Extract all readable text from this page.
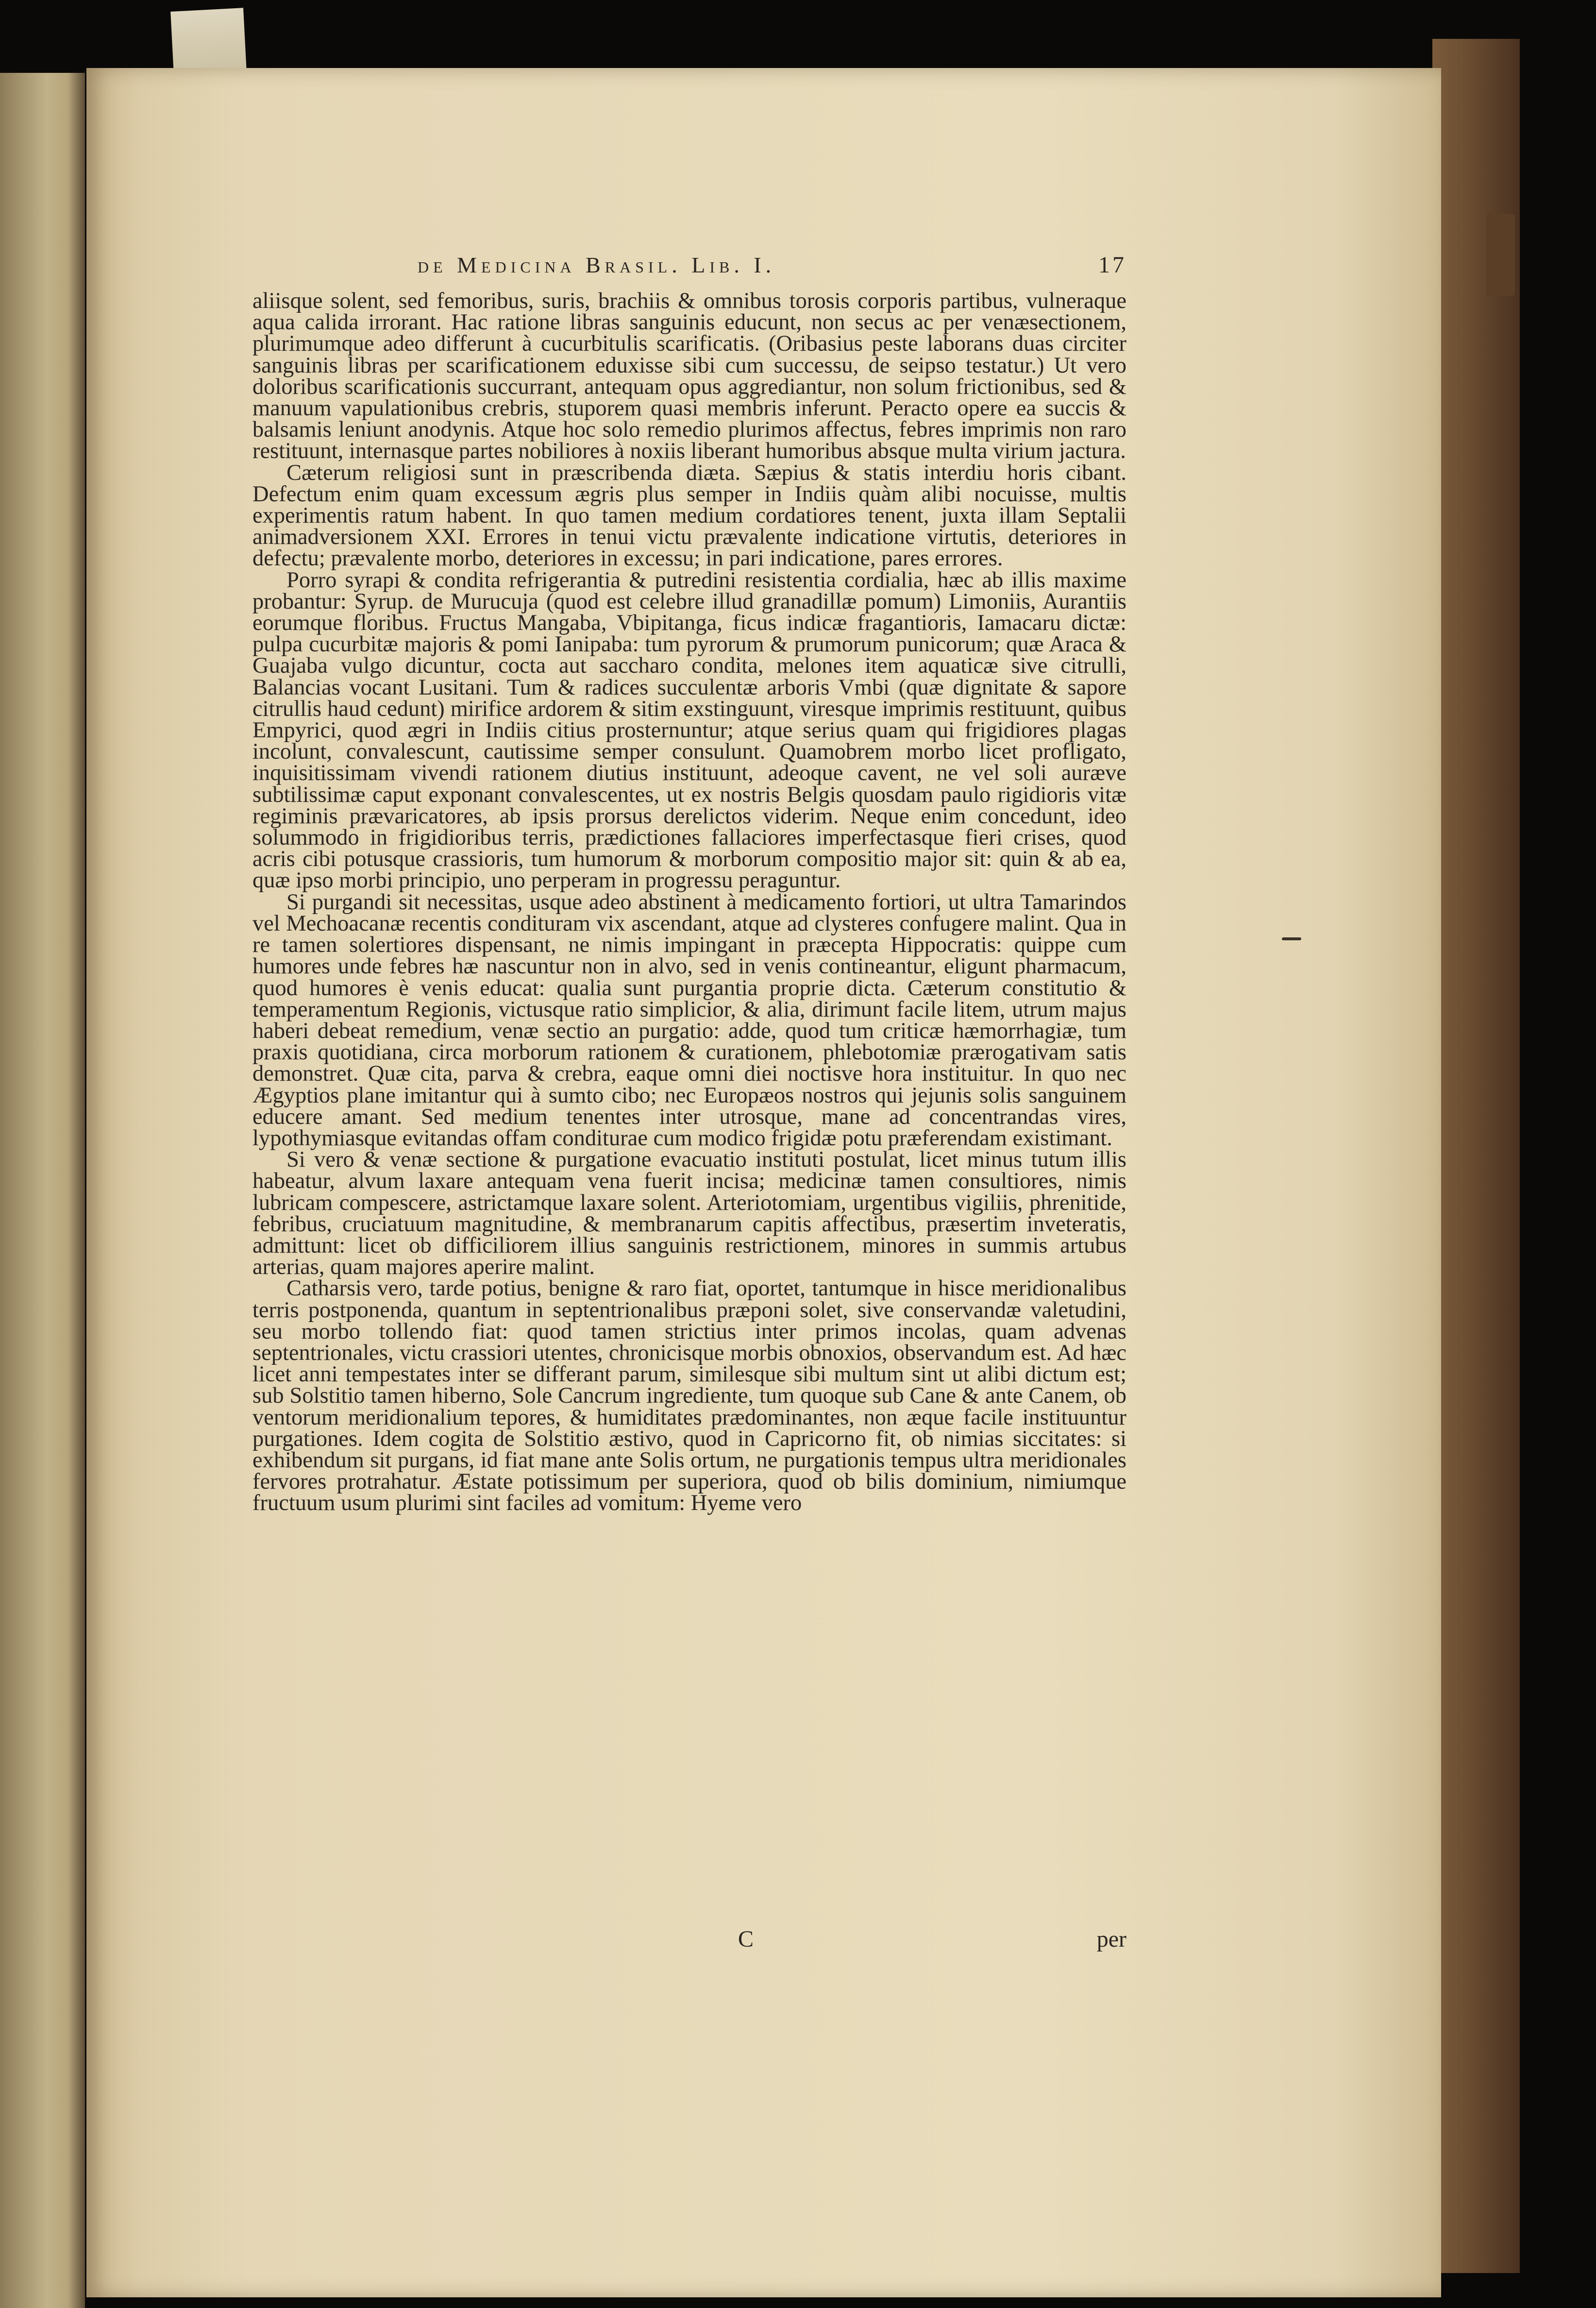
de Medicina Brasil. Lib. I.	17

aliisque solent, sed femoribus, suris, brachiis & omnibus torosis corporis partibus, vulneraque aqua calida irrorant. Hac ratione libras sanguinis educunt, non secus ac per venæsectionem, plurimumque adeo differunt à cucurbitulis scarificatis. (Oribasius peste laborans duas circiter sanguinis libras per scarificationem eduxisse sibi cum successu, de seipso testatur.) Ut vero doloribus scarificationis succurrant, antequam opus aggrediantur, non solum frictionibus, sed & manuum vapulationibus crebris, stuporem quasi membris inferunt. Peracto opere ea succis & balsamis leniunt anodynis. Atque hoc solo remedio plurimos affectus, febres imprimis non raro restituunt, internasque partes nobiliores à noxiis liberant humoribus absque multa virium jactura.

Cæterum religiosi sunt in præscribenda diæta. Sæpius & statis interdiu horis cibant. Defectum enim quam excessum ægris plus semper in Indiis quàm alibi nocuisse, multis experimentis ratum habent. In quo tamen medium cordatiores tenent, juxta illam Septalii animadversionem XXI. Errores in tenui victu prævalente indicatione virtutis, deteriores in defectu; prævalente morbo, deteriores in excessu; in pari indicatione, pares errores.

Porro syrapi & condita refrigerantia & putredini resistentia cordialia, hæc ab illis maxime probantur: Syrup. de Murucuja (quod est celebre illud granadillæ pomum) Limoniis, Aurantiis eorumque floribus. Fructus Mangaba, Vbipitanga, ficus indicæ fragantioris, Iamacaru dictæ: pulpa cucurbitæ majoris & pomi Ianipaba: tum pyrorum & prumorum punicorum; quæ Araca & Guajaba vulgo dicuntur, cocta aut saccharo condita, melones item aquaticæ sive citrulli, Balancias vocant Lusitani. Tum & radices succulentæ arboris Vmbi (quæ dignitate & sapore citrullis haud cedunt) mirifice ardorem & sitim exstinguunt, viresque imprimis restituunt, quibus Empyrici, quod ægri in Indiis citius prosternuntur; atque serius quam qui frigidiores plagas incolunt, convalescunt, cautissime semper consulunt. Quamobrem morbo licet profligato, inquisitissimam vivendi rationem diutius instituunt, adeoque cavent, ne vel soli auræve subtilissimæ caput exponant convalescentes, ut ex nostris Belgis quosdam paulo rigidioris vitæ regiminis prævaricatores, ab ipsis prorsus derelictos viderim. Neque enim concedunt, ideo solummodo in frigidioribus terris, prædictiones fallaciores imperfectasque fieri crises, quod acris cibi potusque crassioris, tum humorum & morborum compositio major sit: quin & ab ea, quæ ipso morbi principio, uno perperam in progressu peraguntur.

Si purgandi sit necessitas, usque adeo abstinent à medicamento fortiori, ut ultra Tamarindos vel Mechoacanæ recentis condituram vix ascendant, atque ad clysteres confugere malint. Qua in re tamen solertiores dispensant, ne nimis impingant in præcepta Hippocratis: quippe cum humores unde febres hæ nascuntur non in alvo, sed in venis contineantur, eligunt pharmacum, quod humores è venis educat: qualia sunt purgantia proprie dicta. Cæterum constitutio & temperamentum Regionis, victusque ratio simplicior, & alia, dirimunt facile litem, utrum majus haberi debeat remedium, venæ sectio an purgatio: adde, quod tum criticæ hæmorrhagiæ, tum praxis quotidiana, circa morborum rationem & curationem, phlebotomiæ prærogativam satis demonstret. Quæ cita, parva & crebra, eaque omni diei noctisve hora instituitur. In quo nec Ægyptios plane imitantur qui à sumto cibo; nec Europæos nostros qui jejunis solis sanguinem educere amant. Sed medium tenentes inter utrosque, mane ad concentrandas vires, lypothymiasque evitandas offam conditurae cum modico frigidæ potu præferendam existimant.

Si vero & venæ sectione & purgatione evacuatio instituti postulat, licet minus tutum illis habeatur, alvum laxare antequam vena fuerit incisa; medicinæ tamen consultiores, nimis lubricam compescere, astrictamque laxare solent. Arteriotomiam, urgentibus vigiliis, phrenitide, febribus, cruciatuum magnitudine, & membranarum capitis affectibus, præsertim inveteratis, admittunt: licet ob difficiliorem illius sanguinis restrictionem, minores in summis artubus arterias, quam majores aperire malint.

Catharsis vero, tarde potius, benigne & raro fiat, oportet, tantumque in hisce meridionalibus terris postponenda, quantum in septentrionalibus præponi solet, sive conservandæ valetudini, seu morbo tollendo fiat: quod tamen strictius inter primos incolas, quam advenas septentrionales, victu crassiori utentes, chronicisque morbis obnoxios, observandum est. Ad hæc licet anni tempestates inter se differant parum, similesque sibi multum sint ut alibi dictum est; sub Solstitio tamen hiberno, Sole Cancrum ingrediente, tum quoque sub Cane & ante Canem, ob ventorum meridionalium tepores, & humiditates prædominantes, non æque facile instituuntur purgationes. Idem cogita de Solstitio æstivo, quod in Capricorno fit, ob nimias siccitates: si exhibendum sit purgans, id fiat mane ante Solis ortum, ne purgationis tempus ultra meridionales fervores protrahatur. Æstate potissimum per superiora, quod ob bilis dominium, nimiumque fructuum usum plurimi sint faciles ad vomitum: Hyeme vero

C	per
